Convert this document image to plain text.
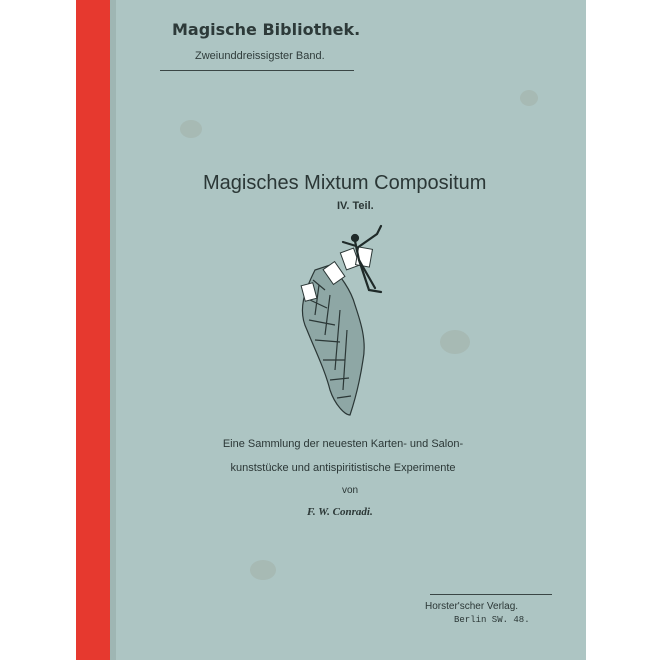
Magische Bibliothek.
Zweiunddreissigster Band.
Magisches Mixtum Compositum
IV. Teil.
Eine Sammlung der neuesten Karten- und Salon-
kunststücke und antispiritistische Experimente
von
F. W. Conradi.
Horster'scher Verlag.
Berlin SW. 48.
